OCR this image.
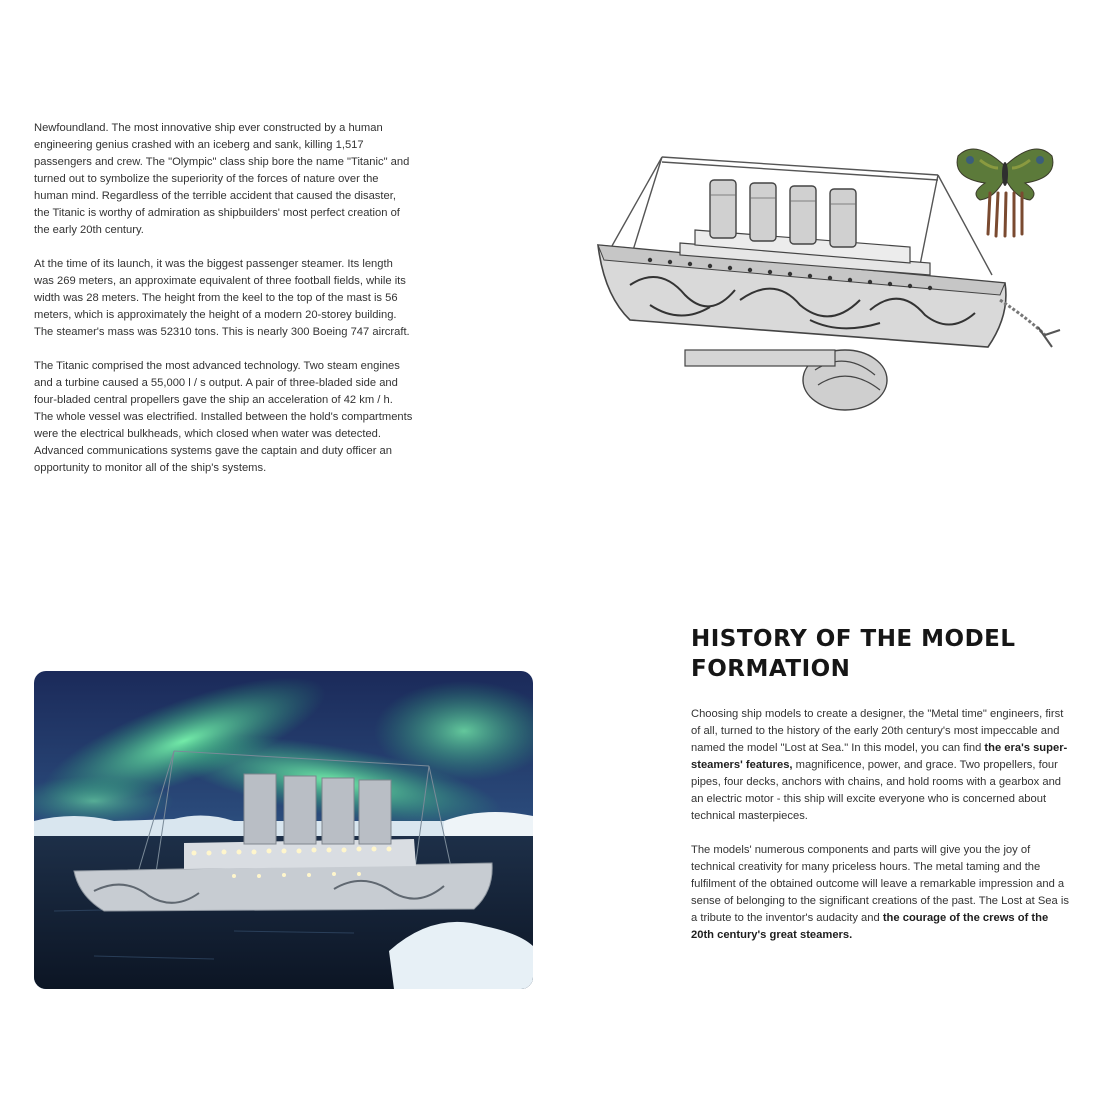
Newfoundland. The most innovative ship ever constructed by a human engineering genius crashed with an iceberg and sank, killing 1,517 passengers and crew. The "Olympic" class ship bore the name "Titanic" and turned out to symbolize the superiority of the forces of nature over the human mind. Regardless of the terrible accident that caused the disaster, the Titanic is worthy of admiration as shipbuilders' most perfect creation of the early 20th century.

At the time of its launch, it was the biggest passenger steamer. Its length was 269 meters, an approximate equivalent of three football fields, while its width was 28 meters. The height from the keel to the top of the mast is 56 meters, which is approximately the height of a modern 20-storey building. The steamer's mass was 52310 tons. This is nearly 300 Boeing 747 aircraft.

The Titanic comprised the most advanced technology. Two steam engines and a turbine caused a 55,000 l / s output. A pair of three-bladed side and four-bladed central propellers gave the ship an acceleration of 42 km / h. The whole vessel was electrified. Installed between the hold's compartments were the electrical bulkheads, which closed when water was detected. Advanced communications systems gave the captain and duty officer an opportunity to monitor all of the ship's systems.

HISTORY OF THE MODEL FORMATION

Choosing ship models to create a designer, the "Metal time" engineers, first of all, turned to the history of the early 20th century's most impeccable and named the model "Lost at Sea." In this model, you can find the era's super-steamers' features, magnificence, power, and grace. Two propellers, four pipes, four decks, anchors with chains, and hold rooms with a gearbox and an electric motor - this ship will excite everyone who is concerned about technical masterpieces.

The models' numerous components and parts will give you the joy of technical creativity for many priceless hours. The metal taming and the fulfilment of the obtained outcome will leave a remarkable impression and a sense of belonging to the significant creations of the past. The Lost at Sea is a tribute to the inventor's audacity and the courage of the crews of the 20th century's great steamers.
